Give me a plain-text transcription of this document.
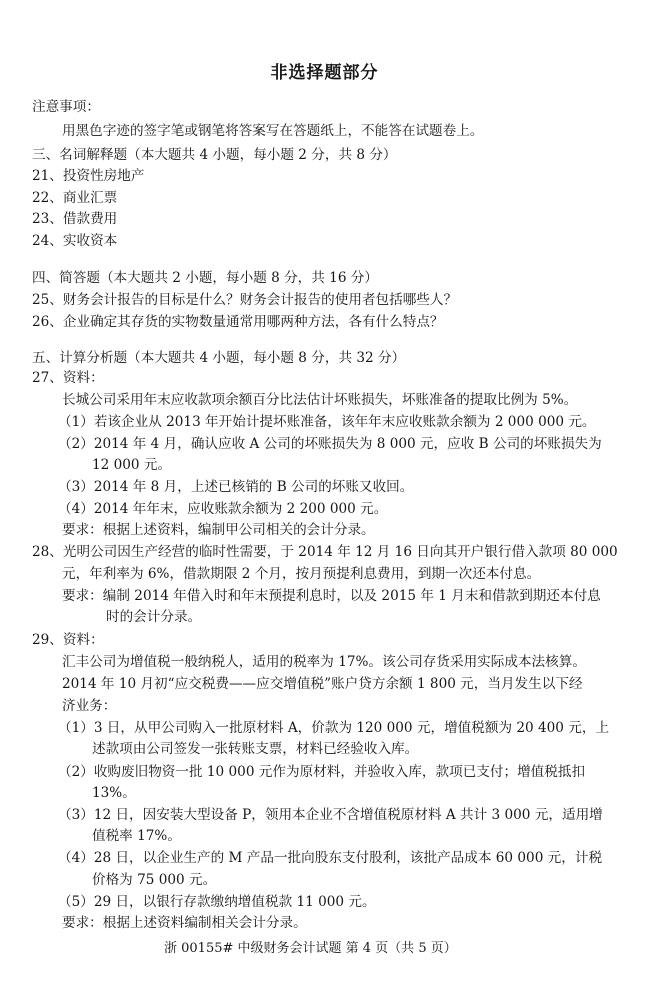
非选择题部分
注意事项：
用黑色字迹的签字笔或钢笔将答案写在答题纸上，不能答在试题卷上。
三、名词解释题（本大题共 4 小题，每小题 2 分，共 8 分）
21、投资性房地产
22、商业汇票
23、借款费用
24、实收资本
四、简答题（本大题共 2 小题，每小题 8 分，共 16 分）
25、财务会计报告的目标是什么？财务会计报告的使用者包括哪些人？
26、企业确定其存货的实物数量通常用哪两种方法，各有什么特点？
五、计算分析题（本大题共 4 小题，每小题 8 分，共 32 分）
27、资料：
长城公司采用年末应收款项余额百分比法估计坏账损失，坏账准备的提取比例为 5%。
（1）若该企业从 2013 年开始计提坏账准备，该年年末应收账款余额为 2 000 000 元。
（2）2014 年 4 月，确认应收 A 公司的坏账损失为 8 000 元，应收 B 公司的坏账损失为
12 000 元。
（3）2014 年 8 月，上述已核销的 B 公司的坏账又收回。
（4）2014 年年末，应收账款余额为 2 200 000 元。
要求：根据上述资料，编制甲公司相关的会计分录。
28、光明公司因生产经营的临时性需要，于 2014 年 12 月 16 日向其开户银行借入款项 80 000
元，年利率为 6%，借款期限 2 个月，按月预提利息费用，到期一次还本付息。
要求：编制 2014 年借入时和年末预提利息时，以及 2015 年 1 月末和借款到期还本付息
时的会计分录。
29、资料：
汇丰公司为增值税一般纳税人，适用的税率为 17%。该公司存货采用实际成本法核算。
2014 年 10 月初“应交税费——应交增值税”账户贷方余额 1 800 元，当月发生以下经
济业务：
（1）3 日，从甲公司购入一批原材料 A，价款为 120 000 元，增值税额为 20 400 元，上
述款项由公司签发一张转账支票，材料已经验收入库。
（2）收购废旧物资一批 10 000 元作为原材料，并验收入库，款项已支付；增值税抵扣
13%。
（3）12 日，因安装大型设备 P，领用本企业不含增值税原材料 A 共计 3 000 元，适用增
值税率 17%。
（4）28 日，以企业生产的 M 产品一批向股东支付股利，该批产品成本 60 000 元，计税
价格为 75 000 元。
（5）29 日，以银行存款缴纳增值税款 11 000 元。
要求：根据上述资料编制相关会计分录。
浙 00155# 中级财务会计试题 第 4 页（共 5 页）
